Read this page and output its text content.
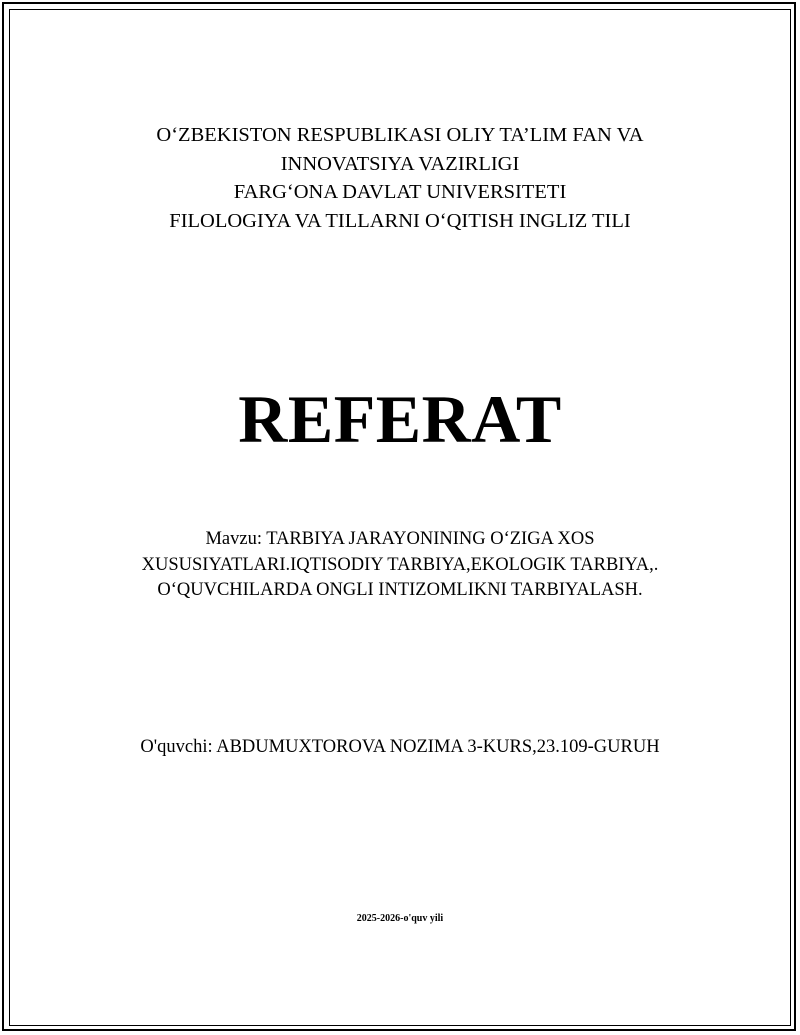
O‘ZBEKISTON RESPUBLIKASI OLIY TA’LIM FAN VA
INNOVATSIYA VAZIRLIGI
FARG‘ONA DAVLAT UNIVERSITETI
FILOLOGIYA VA TILLARNI O‘QITISH INGLIZ TILI
REFERAT
Mavzu: TARBIYA JARAYONINING O‘ZIGA XOS
XUSUSIYATLARI.IQTISODIY TARBIYA,EKOLOGIK TARBIYA,.
O‘QUVCHILARDA ONGLI INTIZOMLIKNI TARBIYALASH.
O'quvchi: ABDUMUXTOROVA NOZIMA 3-KURS,23.109-GURUH
2025-2026-o'quv yili
